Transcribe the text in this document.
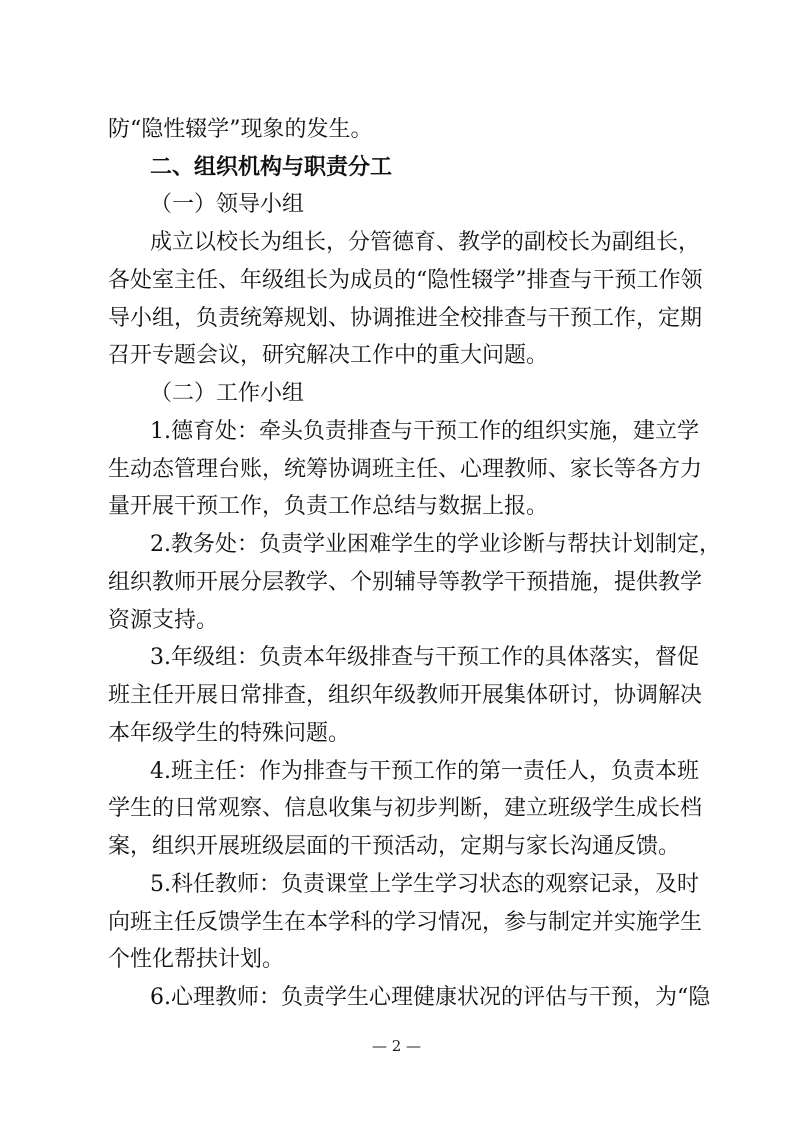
防“隐性辍学”现象的发生。
二、组织机构与职责分工
（一）领导小组
成立以校长为组长，分管德育、教学的副校长为副组长，
各处室主任、年级组长为成员的“隐性辍学”排查与干预工作领
导小组，负责统筹规划、协调推进全校排查与干预工作，定期
召开专题会议，研究解决工作中的重大问题。
（二）工作小组
1.德育处：牵头负责排查与干预工作的组织实施，建立学
生动态管理台账，统筹协调班主任、心理教师、家长等各方力
量开展干预工作，负责工作总结与数据上报。
2.教务处：负责学业困难学生的学业诊断与帮扶计划制定，
组织教师开展分层教学、个别辅导等教学干预措施，提供教学
资源支持。
3.年级组：负责本年级排查与干预工作的具体落实，督促
班主任开展日常排查，组织年级教师开展集体研讨，协调解决
本年级学生的特殊问题。
4.班主任：作为排查与干预工作的第一责任人，负责本班
学生的日常观察、信息收集与初步判断，建立班级学生成长档
案，组织开展班级层面的干预活动，定期与家长沟通反馈。
5.科任教师：负责课堂上学生学习状态的观察记录，及时
向班主任反馈学生在本学科的学习情况，参与制定并实施学生
个性化帮扶计划。
6.心理教师：负责学生心理健康状况的评估与干预，为“隐
— 2 —
